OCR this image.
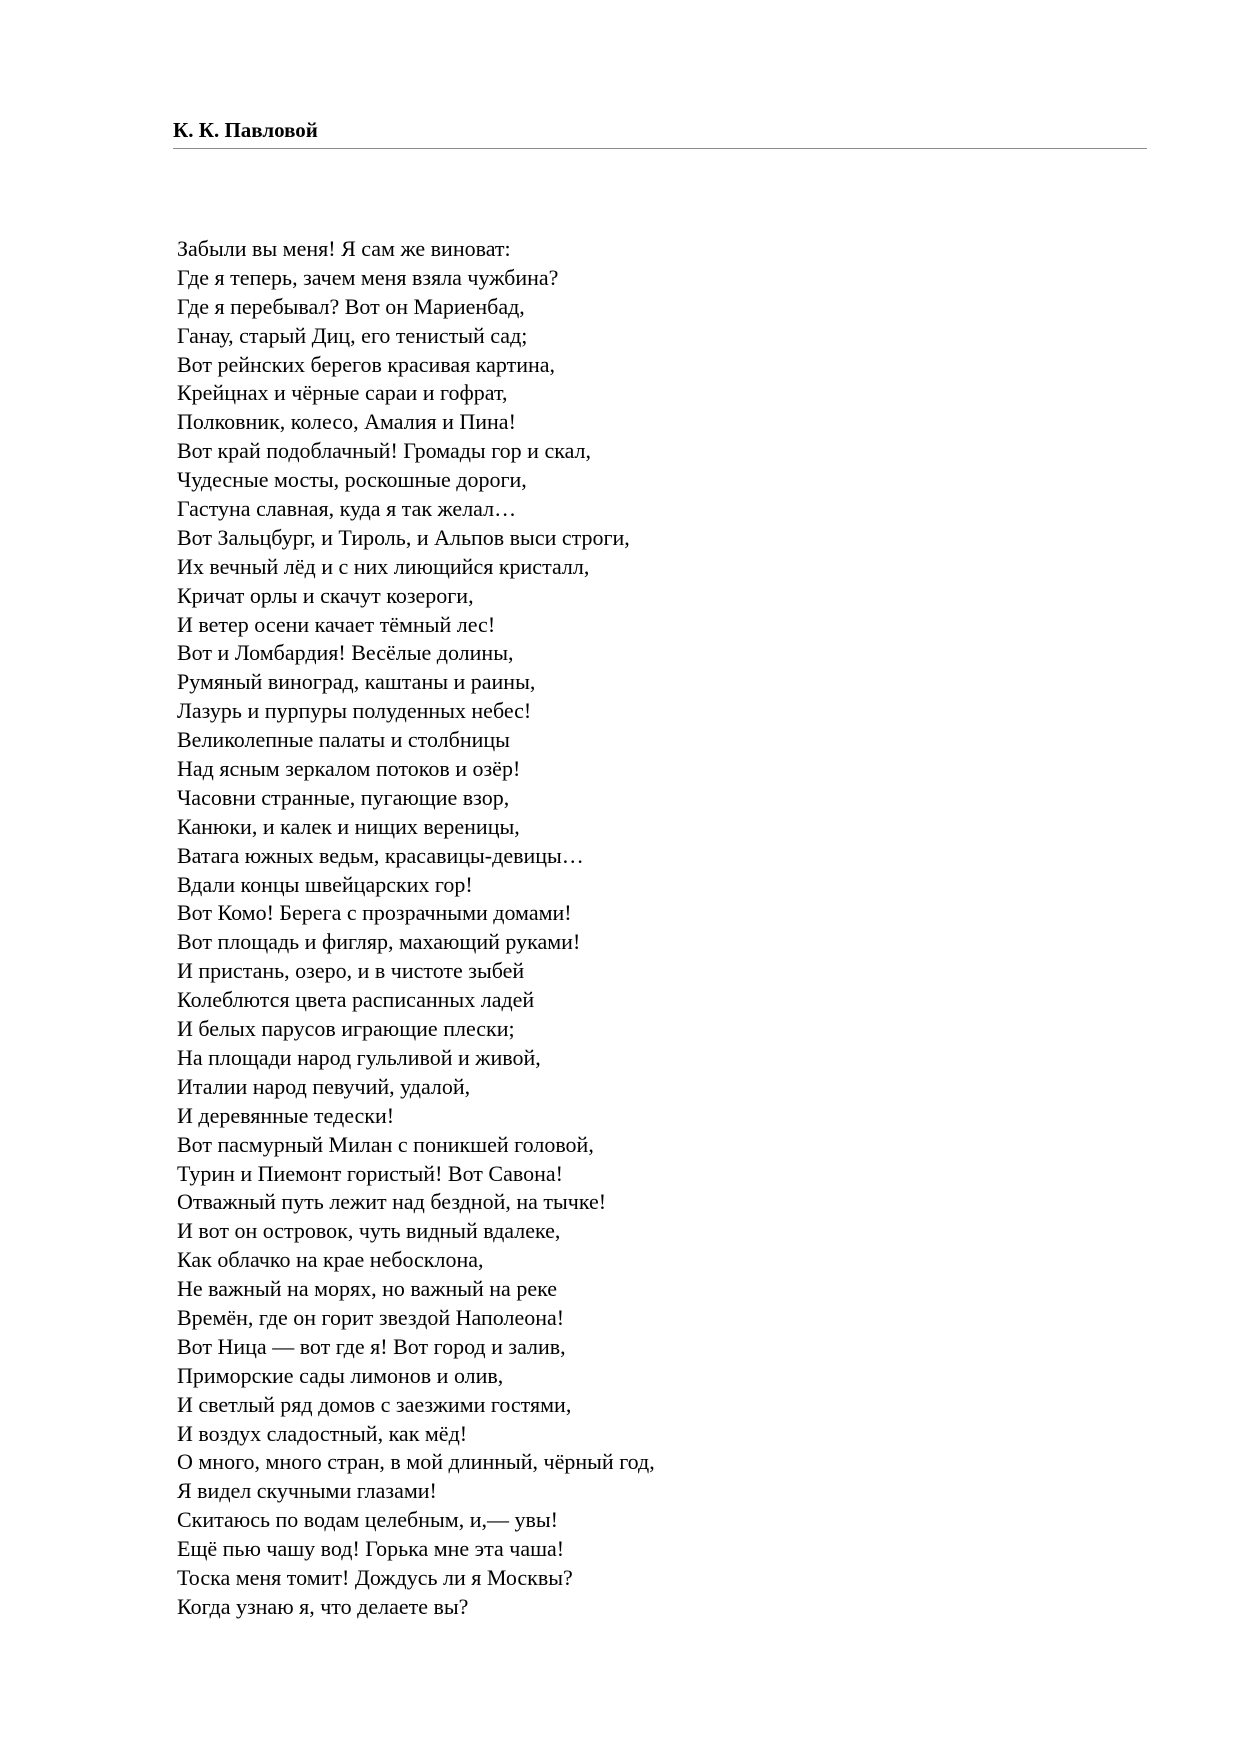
К. К. Павловой
Забыли вы меня! Я сам же виноват:
Где я теперь, зачем меня взяла чужбина?
Где я перебывал? Вот он Мариенбад,
Ганау, старый Диц, его тенистый сад;
Вот рейнских берегов красивая картина,
Крейцнах и чёрные сараи и гофрат,
Полковник, колесо, Амалия и Пина!
Вот край подоблачный! Громады гор и скал,
Чудесные мосты, роскошные дороги,
Гастуна славная, куда я так желал…
Вот Зальцбург, и Тироль, и Альпов выси строги,
Их вечный лёд и с них лиющийся кристалл,
Кричат орлы и скачут козероги,
И ветер осени качает тёмный лес!
Вот и Ломбардия! Весёлые долины,
Румяный виноград, каштаны и раины,
Лазурь и пурпуры полуденных небес!
Великолепные палаты и столбницы
Над ясным зеркалом потоков и озёр!
Часовни странные, пугающие взор,
Канюки, и калек и нищих вереницы,
Ватага южных ведьм, красавицы-девицы…
Вдали концы швейцарских гор!
Вот Комо! Берега с прозрачными домами!
Вот площадь и фигляр, махающий руками!
И пристань, озеро, и в чистоте зыбей
Колеблются цвета расписанных ладей
И белых парусов играющие плески;
На площади народ гульливой и живой,
Италии народ певучий, удалой,
И деревянные тедески!
Вот пасмурный Милан с поникшей головой,
Турин и Пиемонт гористый! Вот Савона!
Отважный путь лежит над бездной, на тычке!
И вот он островок, чуть видный вдалеке,
Как облачко на крае небосклона,
Не важный на морях, но важный на реке
Времён, где он горит звездой Наполеона!
Вот Ница — вот где я! Вот город и залив,
Приморские сады лимонов и олив,
И светлый ряд домов с заезжими гостями,
И воздух сладостный, как мёд!
О много, много стран, в мой длинный, чёрный год,
Я видел скучными глазами!
Скитаюсь по водам целебным, и,— увы!
Ещё пью чашу вод! Горька мне эта чаша!
Тоска меня томит! Дождусь ли я Москвы?
Когда узнаю я, что делаете вы?
